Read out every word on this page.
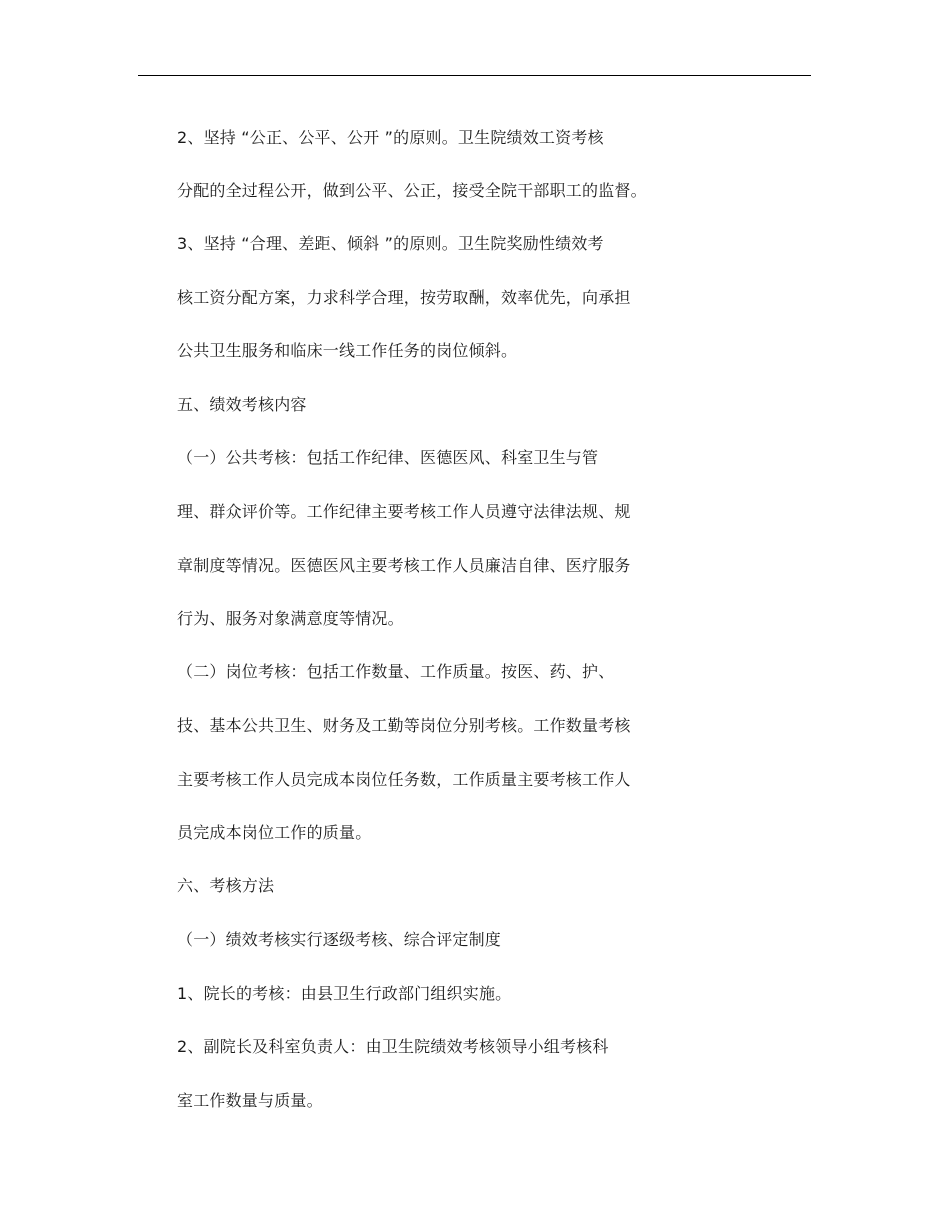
2、坚持 “公正、公平、公开 ”的原则。卫生院绩效工资考核
分配的全过程公开，做到公平、公正，接受全院干部职工的监督。
3、坚持 “合理、差距、倾斜 ”的原则。卫生院奖励性绩效考
核工资分配方案，力求科学合理，按劳取酬，效率优先，向承担
公共卫生服务和临床一线工作任务的岗位倾斜。
五、绩效考核内容
（一）公共考核：包括工作纪律、医德医风、科室卫生与管
理、群众评价等。工作纪律主要考核工作人员遵守法律法规、规
章制度等情况。医德医风主要考核工作人员廉洁自律、医疗服务
行为、服务对象满意度等情况。
（二）岗位考核：包括工作数量、工作质量。按医、药、护、
技、基本公共卫生、财务及工勤等岗位分别考核。工作数量考核
主要考核工作人员完成本岗位任务数，工作质量主要考核工作人
员完成本岗位工作的质量。
六、考核方法
（一）绩效考核实行逐级考核、综合评定制度
1、院长的考核：由县卫生行政部门组织实施。
2、副院长及科室负责人：由卫生院绩效考核领导小组考核科
室工作数量与质量。
